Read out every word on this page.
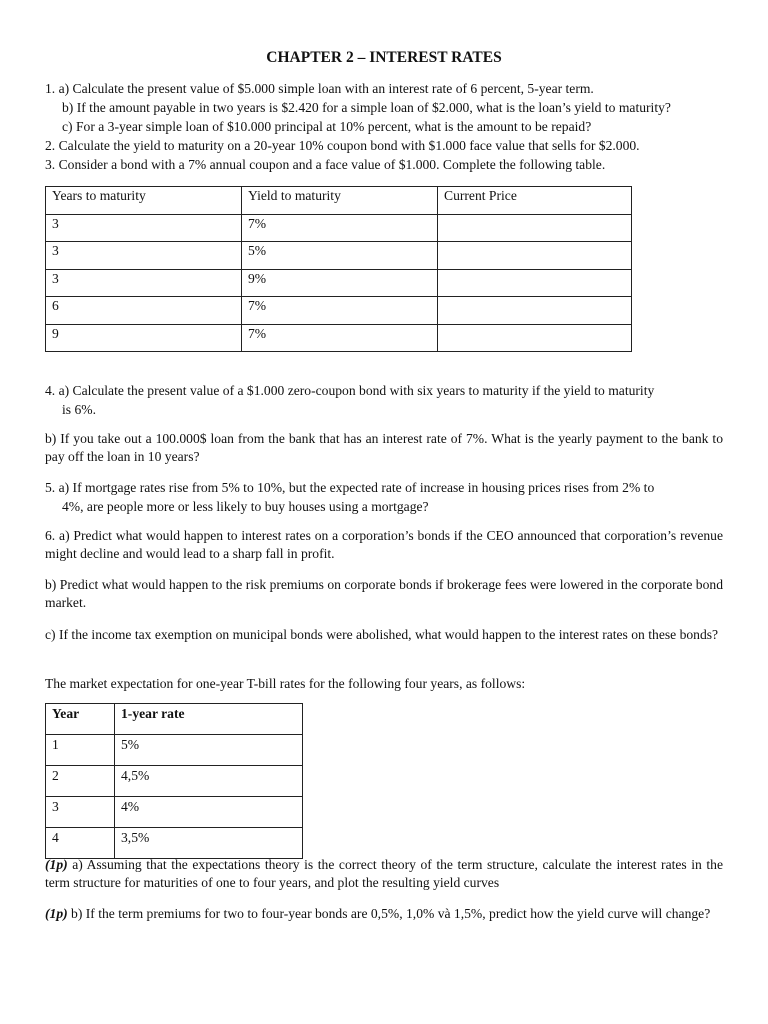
CHAPTER 2 – INTEREST RATES
1. a) Calculate the present value of $5.000 simple loan with an interest rate of 6 percent, 5-year term.
b) If the amount payable in two years is $2.420 for a simple loan of $2.000, what is the loan’s yield to maturity?
c) For a 3-year simple loan of $10.000 principal at 10% percent, what is the amount to be repaid?
2. Calculate the yield to maturity on a 20-year 10% coupon bond with $1.000 face value that sells for $2.000.
3. Consider a bond with a 7% annual coupon and a face value of $1.000. Complete the following table.
Years to maturity	Yield to maturity	Current Price
3	7%	
3	5%	
3	9%	
6	7%	
9	7%	
4. a) Calculate the present value of a $1.000 zero-coupon bond with six years to maturity if the yield to maturity
is 6%.
b) If you take out a 100.000$ loan from the bank that has an interest rate of 7%. What is the yearly payment to the bank to pay off the loan in 10 years?
5. a) If mortgage rates rise from 5% to 10%, but the expected rate of increase in housing prices rises from 2% to
4%, are people more or less likely to buy houses using a mortgage?
6. a) Predict what would happen to interest rates on a corporation’s bonds if the CEO announced that corporation’s revenue might decline and would lead to a sharp fall in profit.
b) Predict what would happen to the risk premiums on corporate bonds if brokerage fees were lowered in the corporate bond market.
c) If the income tax exemption on municipal bonds were abolished, what would happen to the interest rates on these bonds?
The market expectation for one-year T-bill rates for the following four years, as follows:
Year	1-year rate
1	5%
2	4,5%
3	4%
4	3,5%
(1p) a) Assuming that the expectations theory is the correct theory of the term structure, calculate the interest rates in the term structure for maturities of one to four years, and plot the resulting yield curves
(1p) b) If the term premiums for two to four-year bonds are 0,5%, 1,0% và 1,5%, predict how the yield curve will change?
